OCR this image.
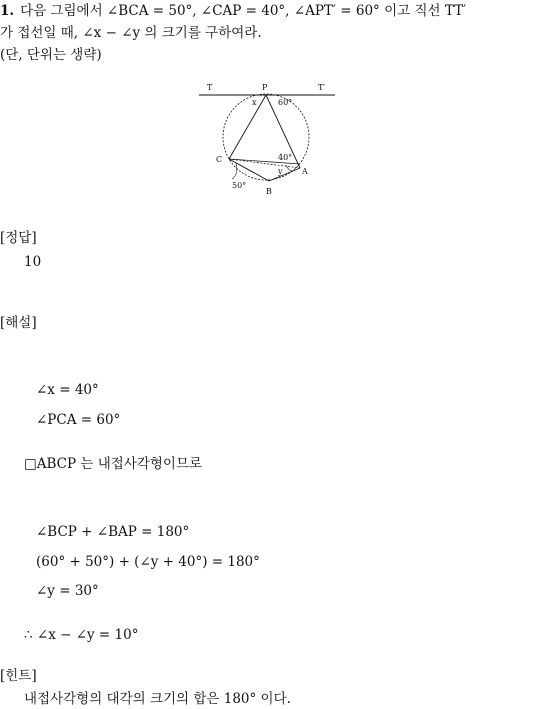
1. 다음 그림에서 ∠BCA = 50°, ∠CAP = 40°, ∠APT′ = 60° 이고 직선 TT′
가 접선일 때, ∠x − ∠y 의 크기를 구하여라.
(단, 단위는 생략)
T	P	T′
x	60°
C	40°
y A
50°
B
[정답]
10
[해설]
∠x = 40°
∠PCA = 60°
□ABCP 는 내접사각형이므로
∠BCP + ∠BAP = 180°
(60° + 50°) + (∠y + 40°) = 180°
∠y = 30°
∴ ∠x − ∠y = 10°
[힌트]
내접사각형의 대각의 크기의 합은 180° 이다.
